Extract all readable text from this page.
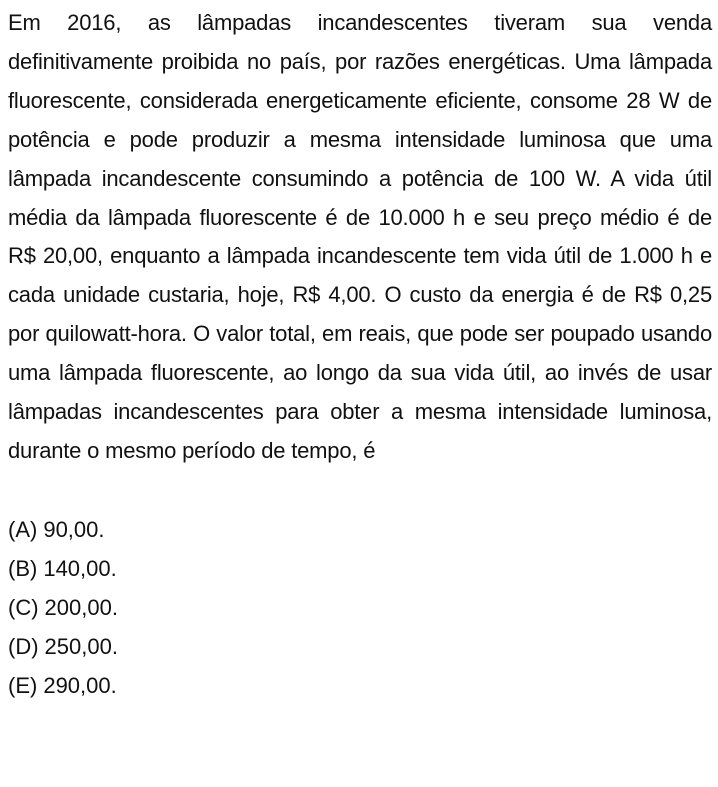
Em 2016, as lâmpadas incandescentes tiveram sua venda definitivamente proibida no país, por razões energéticas. Uma lâmpada fluorescente, considerada energeticamente eficiente, consome 28 W de potência e pode produzir a mesma intensidade luminosa que uma lâmpada incandescente consumindo a potência de 100 W. A vida útil média da lâmpada fluorescente é de 10.000 h e seu preço médio é de R$ 20,00, enquanto a lâmpada incandescente tem vida útil de 1.000 h e cada unidade custaria, hoje, R$ 4,00. O custo da energia é de R$ 0,25 por quilowatt-hora. O valor total, em reais, que pode ser poupado usando uma lâmpada fluorescente, ao longo da sua vida útil, ao invés de usar lâmpadas incandescentes para obter a mesma intensidade luminosa, durante o mesmo período de tempo, é

(A) 90,00.
(B) 140,00.
(C) 200,00.
(D) 250,00.
(E) 290,00.
